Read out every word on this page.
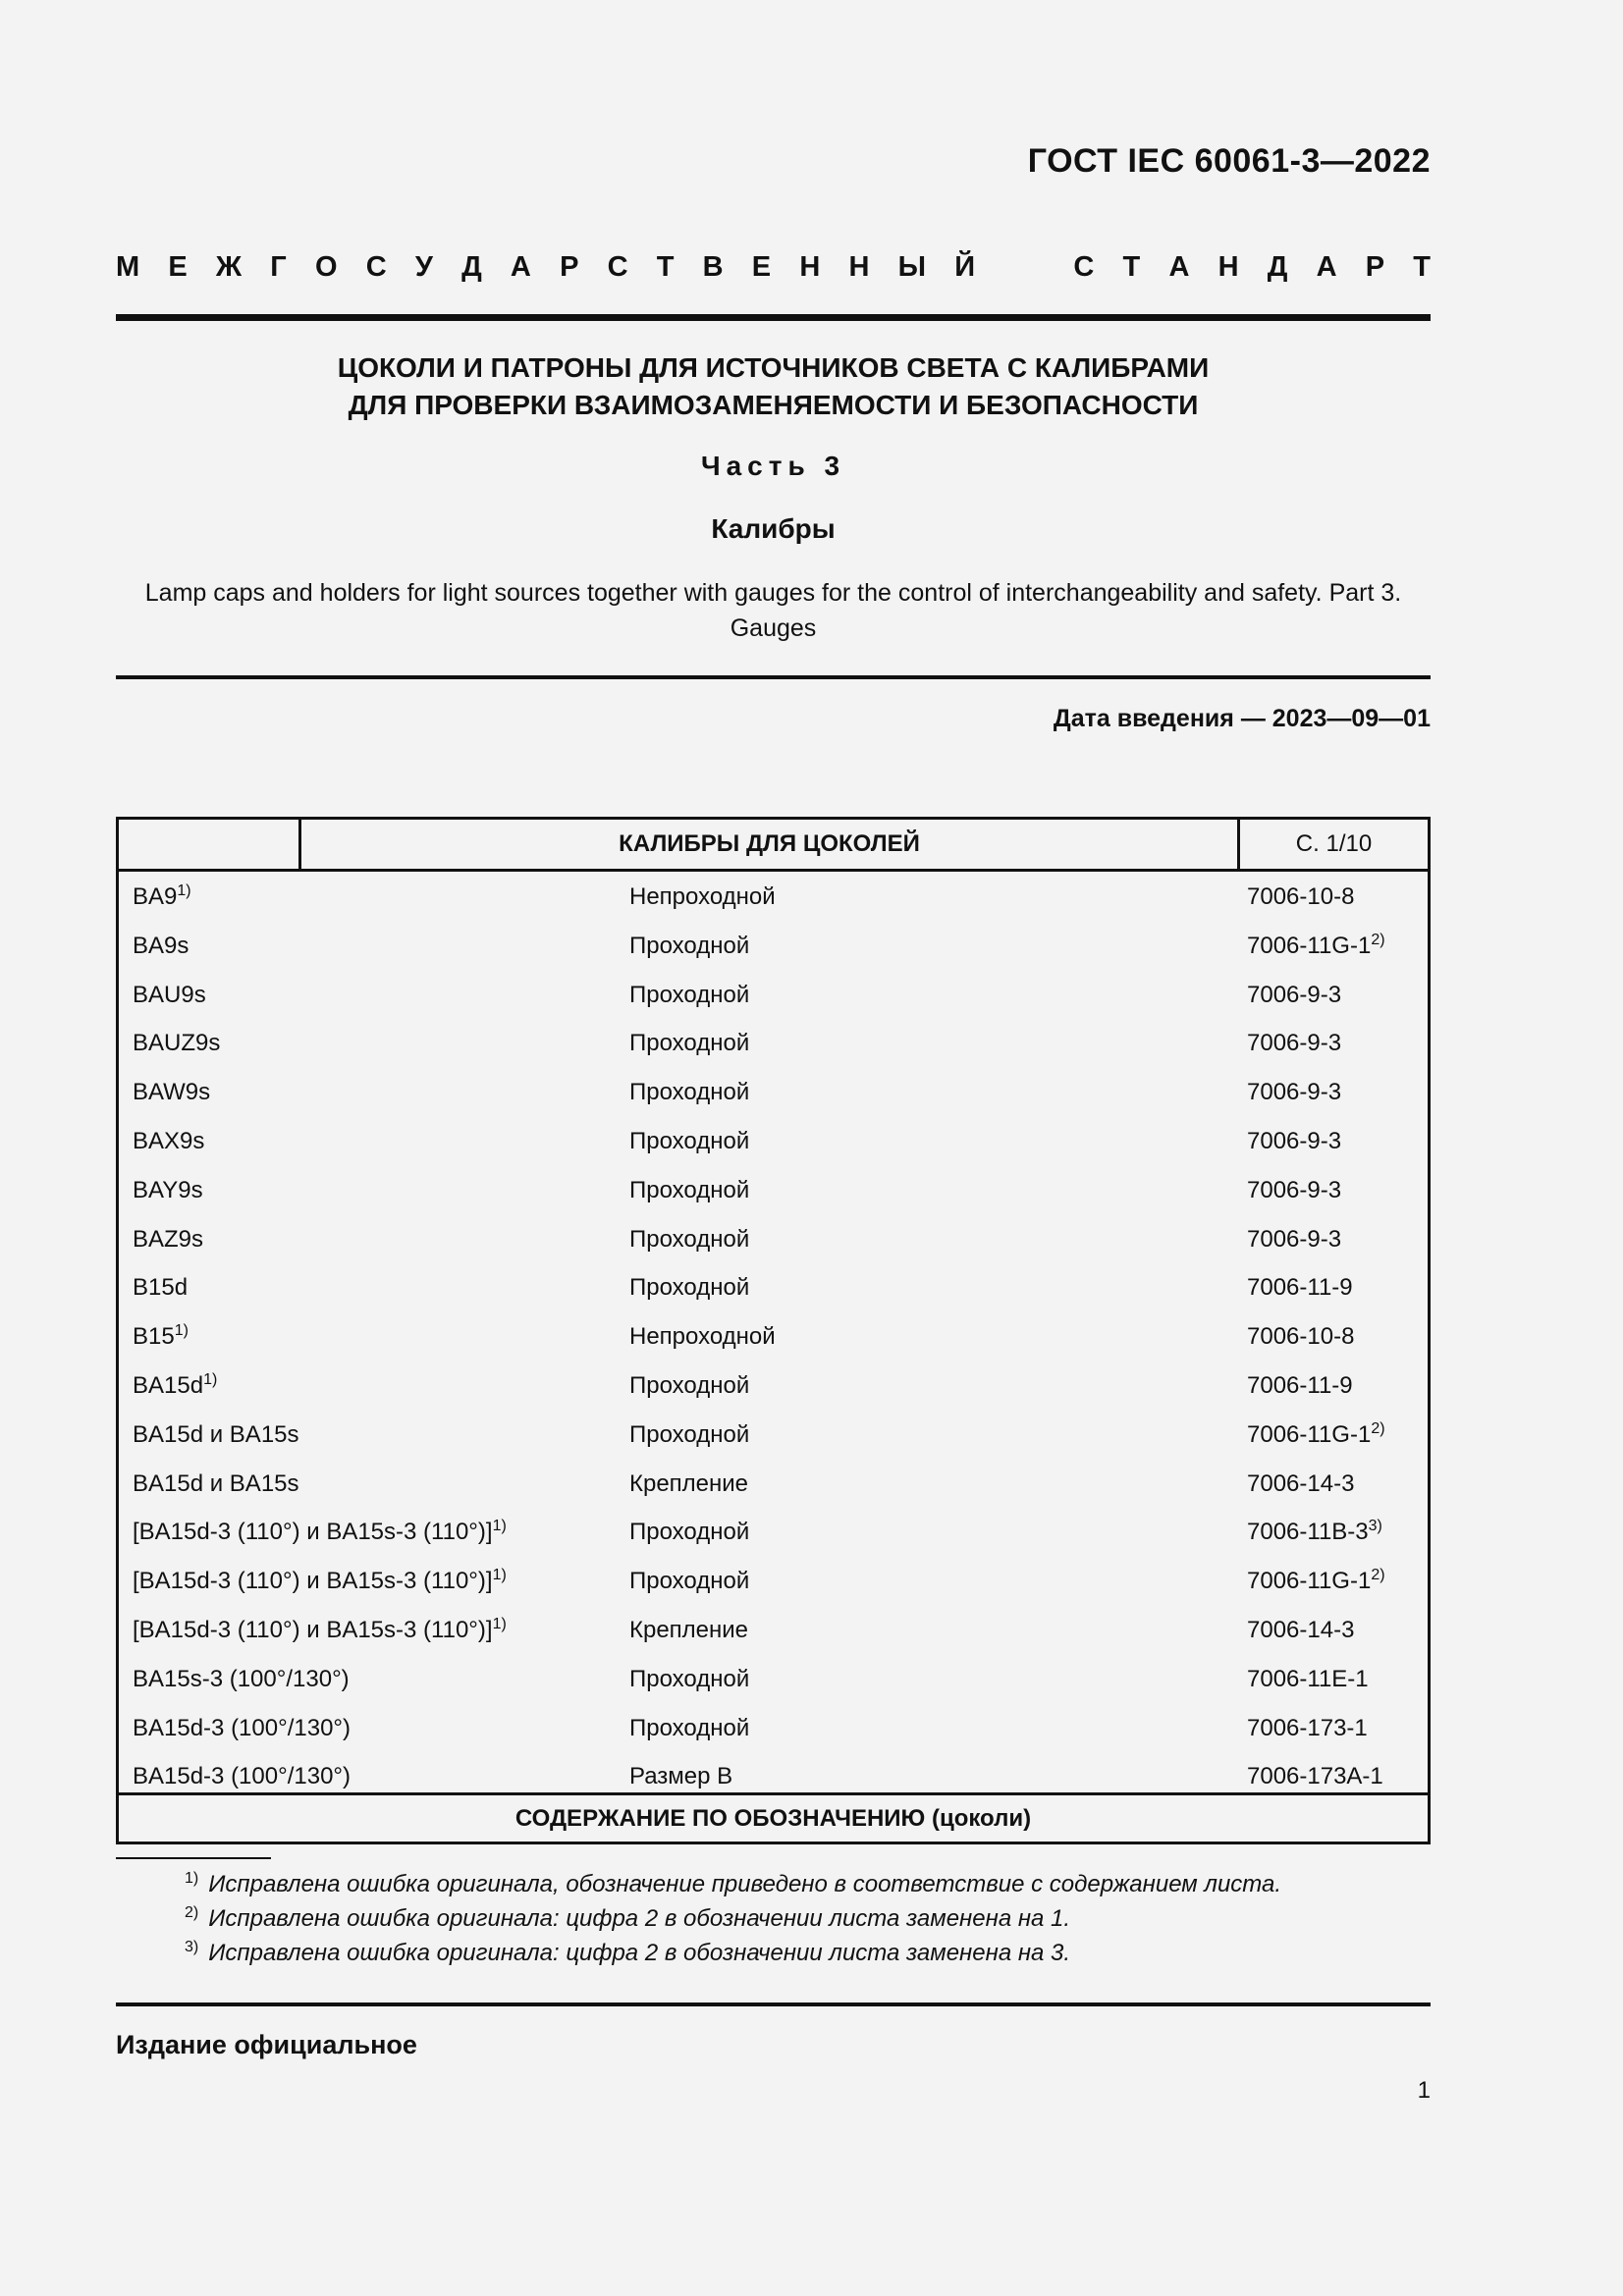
ГОСТ IEC 60061-3—2022
М Е Ж Г О С У Д А Р С Т В Е Н Н Ы Й	С Т А Н Д А Р Т
ЦОКОЛИ И ПАТРОНЫ ДЛЯ ИСТОЧНИКОВ СВЕТА С КАЛИБРАМИ
ДЛЯ ПРОВЕРКИ ВЗАИМОЗАМЕНЯЕМОСТИ И БЕЗОПАСНОСТИ
Часть 3
Калибры
Lamp caps and holders for light sources together with gauges for the control of interchangeability and safety. Part 3.
Gauges
Дата введения — 2023—09—01
КАЛИБРЫ ДЛЯ ЦОКОЛЕЙ	С. 1/10
BA9$^{1)}$	Непроходной	7006-10-8
BA9s	Проходной	7006-11G-1$^{2)}$
BAU9s	Проходной	7006-9-3
BAUZ9s	Проходной	7006-9-3
BAW9s	Проходной	7006-9-3
BAX9s	Проходной	7006-9-3
BAY9s	Проходной	7006-9-3
BAZ9s	Проходной	7006-9-3
B15d	Проходной	7006-11-9
B15$^{1)}$	Непроходной	7006-10-8
$BA15d^{1)}$	Проходной	7006-11-9
BA15d и BA15s	Проходной	7006-11G-1$^{2)}$
BA15d и BA15s	Крепление	7006-14-3
[BA15d-3 (110°) и BA15s-3 (110°)]$^{1)}$	Проходной	7006-11B-3$^{3)}$
[BA15d-3 (110°) и BA15s-3 (110°)]$^{1)}$	Проходной	7006-11G-1$^{2)}$
[BA15d-3 (110°) и BA15s-3 (110°)]$^{1)}$	Крепление	7006-14-3
BA15s-3 (100°/130°)	Проходной	7006-11E-1
BA15d-3 (100°/130°)	Проходной	7006-173-1
BA15d-3 (100°/130°)	Размер B	7006-173A-1
СОДЕРЖАНИЕ ПО ОБОЗНАЧЕНИЮ (цоколи)
$^{1)}$ Исправлена ошибка оригинала, обозначение приведено в соответствие с содержанием листа.
$^{2)}$ Исправлена ошибка оригинала: цифра 2 в обозначении листа заменена на 1.
$^{3)}$ Исправлена ошибка оригинала: цифра 2 в обозначении листа заменена на 3.
Издание официальное
1
